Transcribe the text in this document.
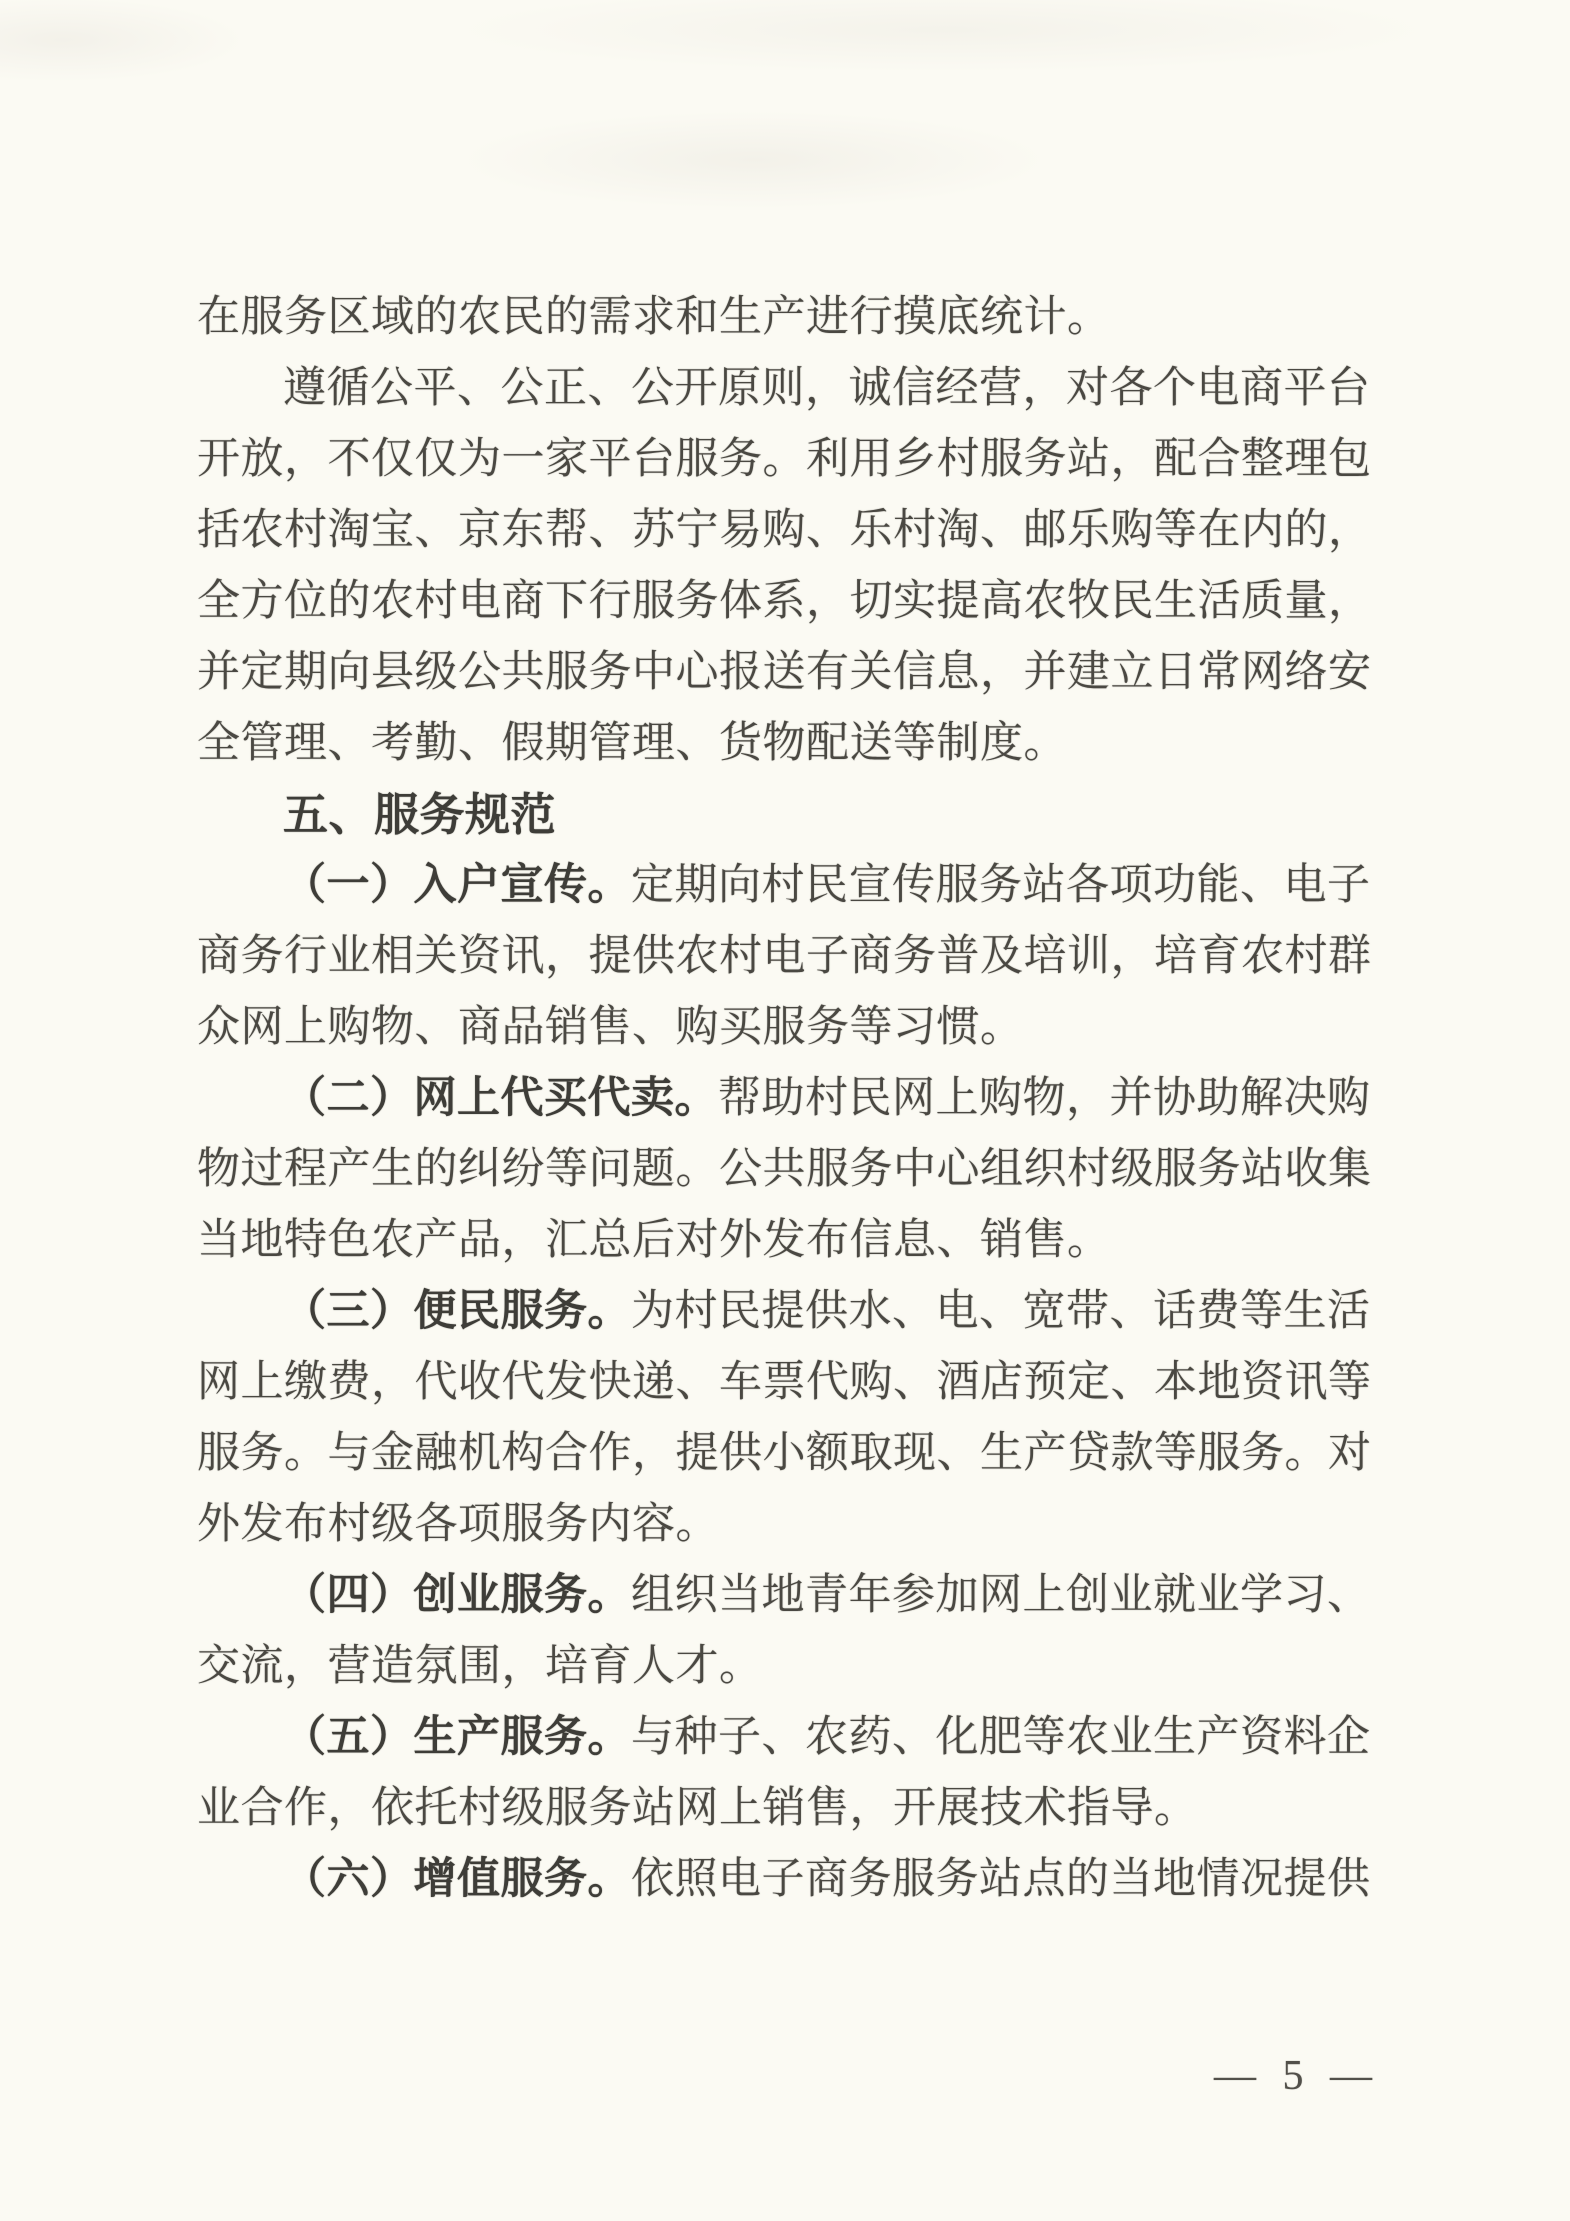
在服务区域的农民的需求和生产进行摸底统计。
遵循公平、公正、公开原则，诚信经营，对各个电商平台
开放，不仅仅为一家平台服务。利用乡村服务站，配合整理包
括农村淘宝、京东帮、苏宁易购、乐村淘、邮乐购等在内的，
全方位的农村电商下行服务体系，切实提高农牧民生活质量，
并定期向县级公共服务中心报送有关信息，并建立日常网络安
全管理、考勤、假期管理、货物配送等制度。
五、服务规范
（一）入户宣传。定期向村民宣传服务站各项功能、电子
商务行业相关资讯，提供农村电子商务普及培训，培育农村群
众网上购物、商品销售、购买服务等习惯。
（二）网上代买代卖。帮助村民网上购物，并协助解决购
物过程产生的纠纷等问题。公共服务中心组织村级服务站收集
当地特色农产品，汇总后对外发布信息、销售。
（三）便民服务。为村民提供水、电、宽带、话费等生活
网上缴费，代收代发快递、车票代购、酒店预定、本地资讯等
服务。与金融机构合作，提供小额取现、生产贷款等服务。对
外发布村级各项服务内容。
（四）创业服务。组织当地青年参加网上创业就业学习、
交流，营造氛围，培育人才。
（五）生产服务。与种子、农药、化肥等农业生产资料企
业合作，依托村级服务站网上销售，开展技术指导。
（六）增值服务。依照电子商务服务站点的当地情况提供
— 5 —
